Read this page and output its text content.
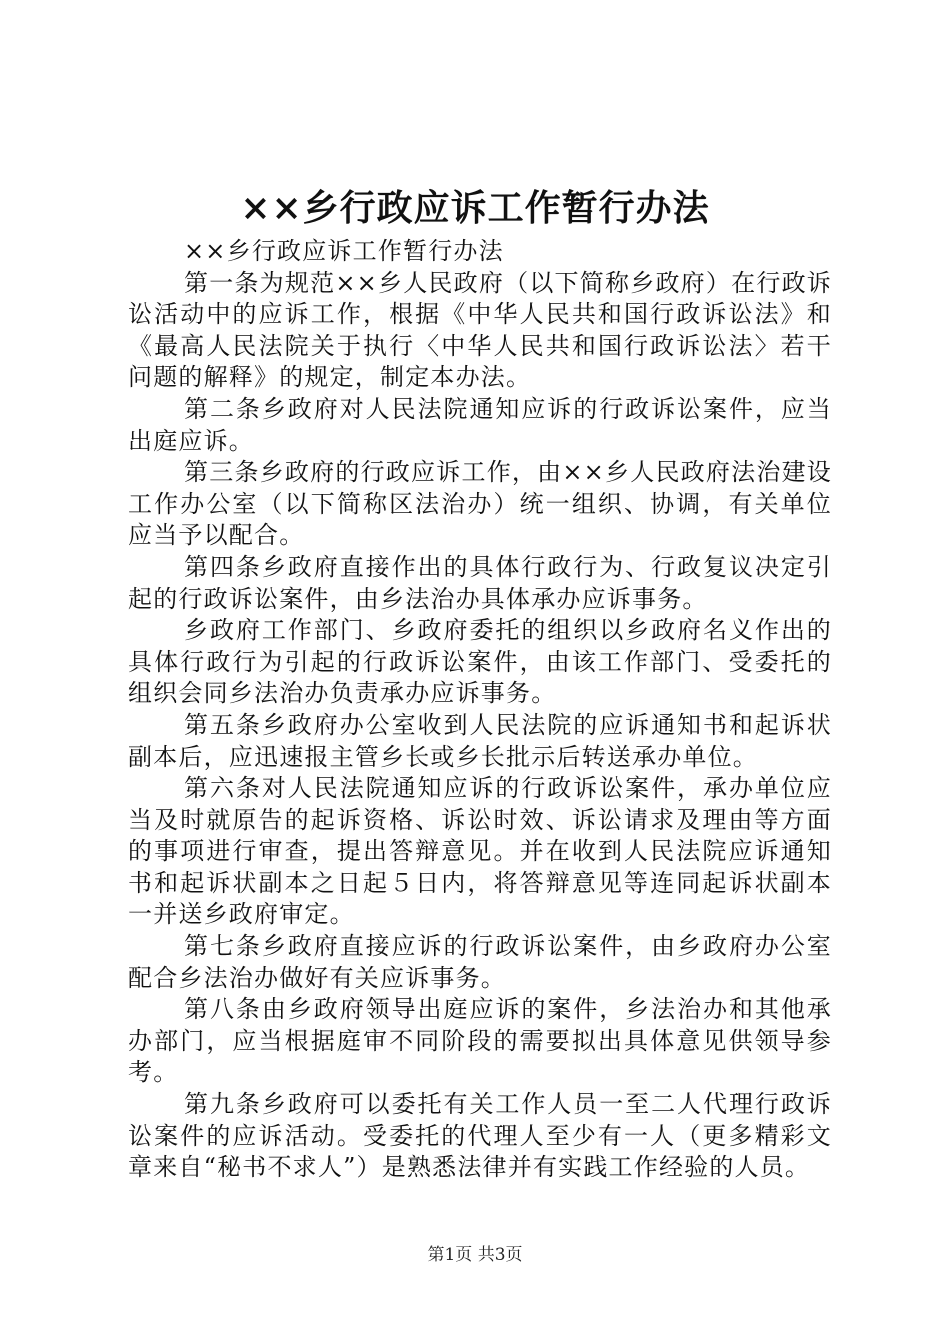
××乡行政应诉工作暂行办法

××乡行政应诉工作暂行办法

第一条为规范××乡人民政府（以下简称乡政府）在行政诉讼活动中的应诉工作，根据《中华人民共和国行政诉讼法》和《最高人民法院关于执行〈中华人民共和国行政诉讼法〉若干问题的解释》的规定，制定本办法。

第二条乡政府对人民法院通知应诉的行政诉讼案件，应当出庭应诉。

第三条乡政府的行政应诉工作，由××乡人民政府法治建设工作办公室（以下简称区法治办）统一组织、协调，有关单位应当予以配合。

第四条乡政府直接作出的具体行政行为、行政复议决定引起的行政诉讼案件，由乡法治办具体承办应诉事务。

乡政府工作部门、乡政府委托的组织以乡政府名义作出的具体行政行为引起的行政诉讼案件，由该工作部门、受委托的组织会同乡法治办负责承办应诉事务。

第五条乡政府办公室收到人民法院的应诉通知书和起诉状副本后，应迅速报主管乡长或乡长批示后转送承办单位。

第六条对人民法院通知应诉的行政诉讼案件，承办单位应当及时就原告的起诉资格、诉讼时效、诉讼请求及理由等方面的事项进行审查，提出答辩意见。并在收到人民法院应诉通知书和起诉状副本之日起５日内，将答辩意见等连同起诉状副本一并送乡政府审定。

第七条乡政府直接应诉的行政诉讼案件，由乡政府办公室配合乡法治办做好有关应诉事务。

第八条由乡政府领导出庭应诉的案件，乡法治办和其他承办部门，应当根据庭审不同阶段的需要拟出具体意见供领导参考。

第九条乡政府可以委托有关工作人员一至二人代理行政诉讼案件的应诉活动。受委托的代理人至少有一人（更多精彩文章来自“秘书不求人”）是熟悉法律并有实践工作经验的人员。

第1页 共3页
